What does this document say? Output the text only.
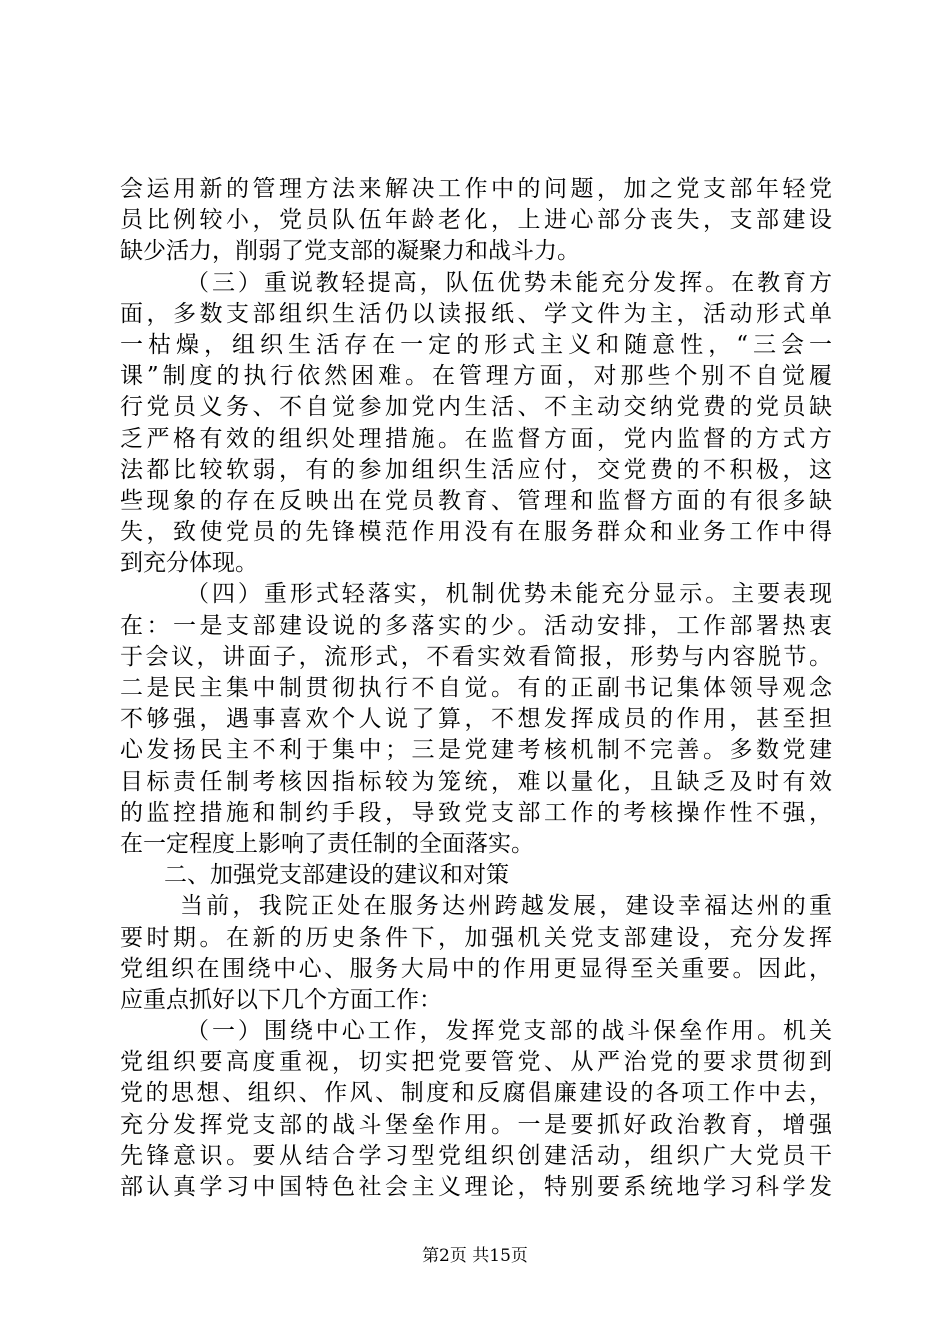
会运用新的管理方法来解决工作中的问题，加之党支部年轻党
员比例较小，党员队伍年龄老化，上进心部分丧失，支部建设
缺少活力，削弱了党支部的凝聚力和战斗力。
（三）重说教轻提高，队伍优势未能充分发挥。在教育方
面，多数支部组织生活仍以读报纸、学文件为主，活动形式单
一枯燥，组织生活存在一定的形式主义和随意性，“三会一
课”制度的执行依然困难。在管理方面，对那些个别不自觉履
行党员义务、不自觉参加党内生活、不主动交纳党费的党员缺
乏严格有效的组织处理措施。在监督方面，党内监督的方式方
法都比较软弱，有的参加组织生活应付，交党费的不积极，这
些现象的存在反映出在党员教育、管理和监督方面的有很多缺
失，致使党员的先锋模范作用没有在服务群众和业务工作中得
到充分体现。
（四）重形式轻落实，机制优势未能充分显示。主要表现
在：一是支部建设说的多落实的少。活动安排，工作部署热衷
于会议，讲面子，流形式，不看实效看简报，形势与内容脱节。
二是民主集中制贯彻执行不自觉。有的正副书记集体领导观念
不够强，遇事喜欢个人说了算，不想发挥成员的作用，甚至担
心发扬民主不利于集中；三是党建考核机制不完善。多数党建
目标责任制考核因指标较为笼统，难以量化，且缺乏及时有效
的监控措施和制约手段，导致党支部工作的考核操作性不强，
在一定程度上影响了责任制的全面落实。
二、加强党支部建设的建议和对策
当前，我院正处在服务达州跨越发展，建设幸福达州的重
要时期。在新的历史条件下，加强机关党支部建设，充分发挥
党组织在围绕中心、服务大局中的作用更显得至关重要。因此，
应重点抓好以下几个方面工作：
（一）围绕中心工作，发挥党支部的战斗保垒作用。机关
党组织要高度重视，切实把党要管党、从严治党的要求贯彻到
党的思想、组织、作风、制度和反腐倡廉建设的各项工作中去，
充分发挥党支部的战斗堡垒作用。一是要抓好政治教育，增强
先锋意识。要从结合学习型党组织创建活动，组织广大党员干
部认真学习中国特色社会主义理论，特别要系统地学习科学发
第2页 共15页
